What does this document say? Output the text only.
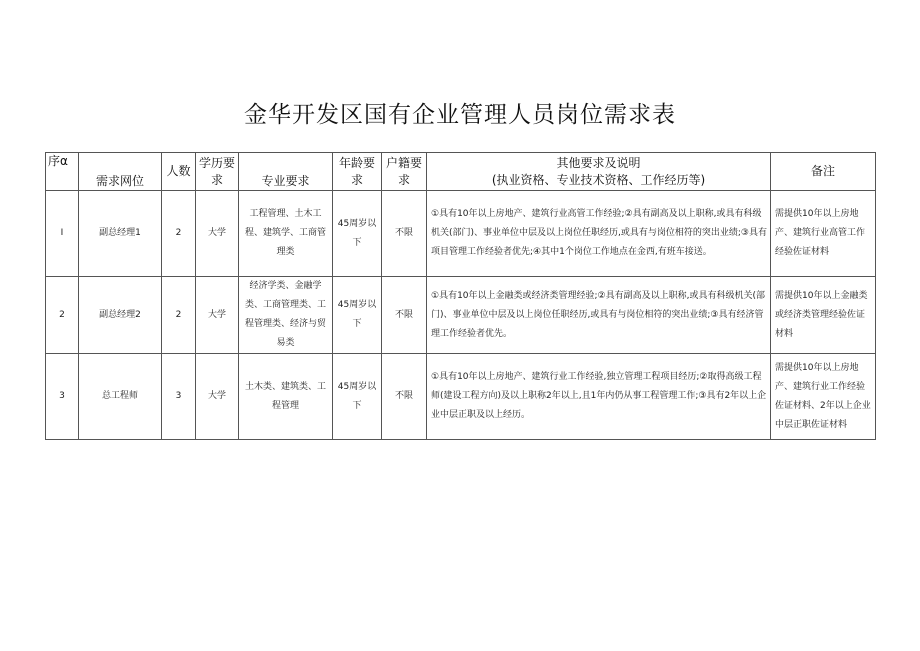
金华开发区国有企业管理人员岗位需求表
序α	需求网位	人数	学历要求	专业要求	年龄要求	户籍要求	其他要求及说明
(执业资格、专业技术资格、工作经历等)	备注
I	副总经理1	2	大学	工程管理、土木工程、建筑学、工商管理类	45周岁以下	不限	①具有10年以上房地产、建筑行业高管工作经验;②具有副高及以上职称,或具有科级机关(部门)、事业单位中层及以上岗位任职经历,或具有与岗位相符的突出业绩;③具有项目管理工作经验者优先;④其中1个岗位工作地点在金西,有班车接送。	需提供10年以上房地产、建筑行业高管工作经验佐证材料
2	副总经理2	2	大学	经济学类、金融学类、工商管理类、工程管理类、经济与贸易类	45周岁以下	不限	①具有10年以上金融类或经济类管理经验;②具有副高及以上职称,或具有科级机关(部门)、事业单位中层及以上岗位任职经历,或具有与岗位相符的突出业绩;③具有经济管理工作经验者优先。	需提供10年以上金融类或经济类管理经验佐证材料
3	总工程师	3	大学	土木类、建筑类、工程管理	45周岁以下	不限	①具有10年以上房地产、建筑行业工作经验,独立管理工程项目经历;②取得高级工程师(建设工程方向)及以上职称2年以上,且1年内仍从事工程管理工作;③具有2年以上企业中层正职及以上经历。	需提供10年以上房地产、建筑行业工作经验佐证材料、2年以上企业中层正职佐证材料
